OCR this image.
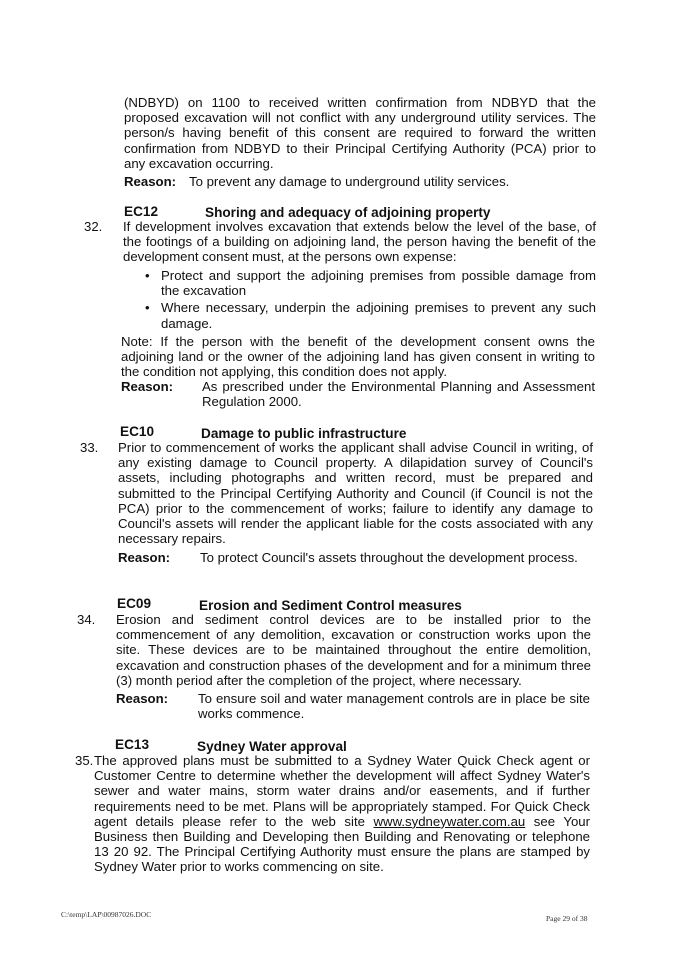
(NDBYD) on 1100 to received written confirmation from NDBYD that the proposed excavation will not conflict with any underground utility services. The person/s having benefit of this consent are required to forward the written confirmation from NDBYD to their Principal Certifying Authority (PCA) prior to any excavation occurring.

Reason: To prevent any damage to underground utility services.
EC12	Shoring and adequacy of adjoining property
32. If development involves excavation that extends below the level of the base, of the footings of a building on adjoining land, the person having the benefit of the development consent must, at the persons own expense:

• Protect and support the adjoining premises from possible damage from the excavation
• Where necessary, underpin the adjoining premises to prevent any such damage.

Note: If the person with the benefit of the development consent owns the adjoining land or the owner of the adjoining land has given consent in writing to the condition not applying, this condition does not apply.

Reason: As prescribed under the Environmental Planning and Assessment Regulation 2000.
EC10	Damage to public infrastructure
33. Prior to commencement of works the applicant shall advise Council in writing, of any existing damage to Council property. A dilapidation survey of Council's assets, including photographs and written record, must be prepared and submitted to the Principal Certifying Authority and Council (if Council is not the PCA) prior to the commencement of works; failure to identify any damage to Council's assets will render the applicant liable for the costs associated with any necessary repairs.

Reason: To protect Council's assets throughout the development process.
EC09	Erosion and Sediment Control measures
34. Erosion and sediment control devices are to be installed prior to the commencement of any demolition, excavation or construction works upon the site. These devices are to be maintained throughout the entire demolition, excavation and construction phases of the development and for a minimum three (3) month period after the completion of the project, where necessary.

Reason: To ensure soil and water management controls are in place be site works commence.
EC13	Sydney Water approval
35. The approved plans must be submitted to a Sydney Water Quick Check agent or Customer Centre to determine whether the development will affect Sydney Water's sewer and water mains, storm water drains and/or easements, and if further requirements need to be met. Plans will be appropriately stamped. For Quick Check agent details please refer to the web site www.sydneywater.com.au see Your Business then Building and Developing then Building and Renovating or telephone 13 20 92. The Principal Certifying Authority must ensure the plans are stamped by Sydney Water prior to works commencing on site.

C:\temp\LAP\00987026.DOC	Page 29 of 38
